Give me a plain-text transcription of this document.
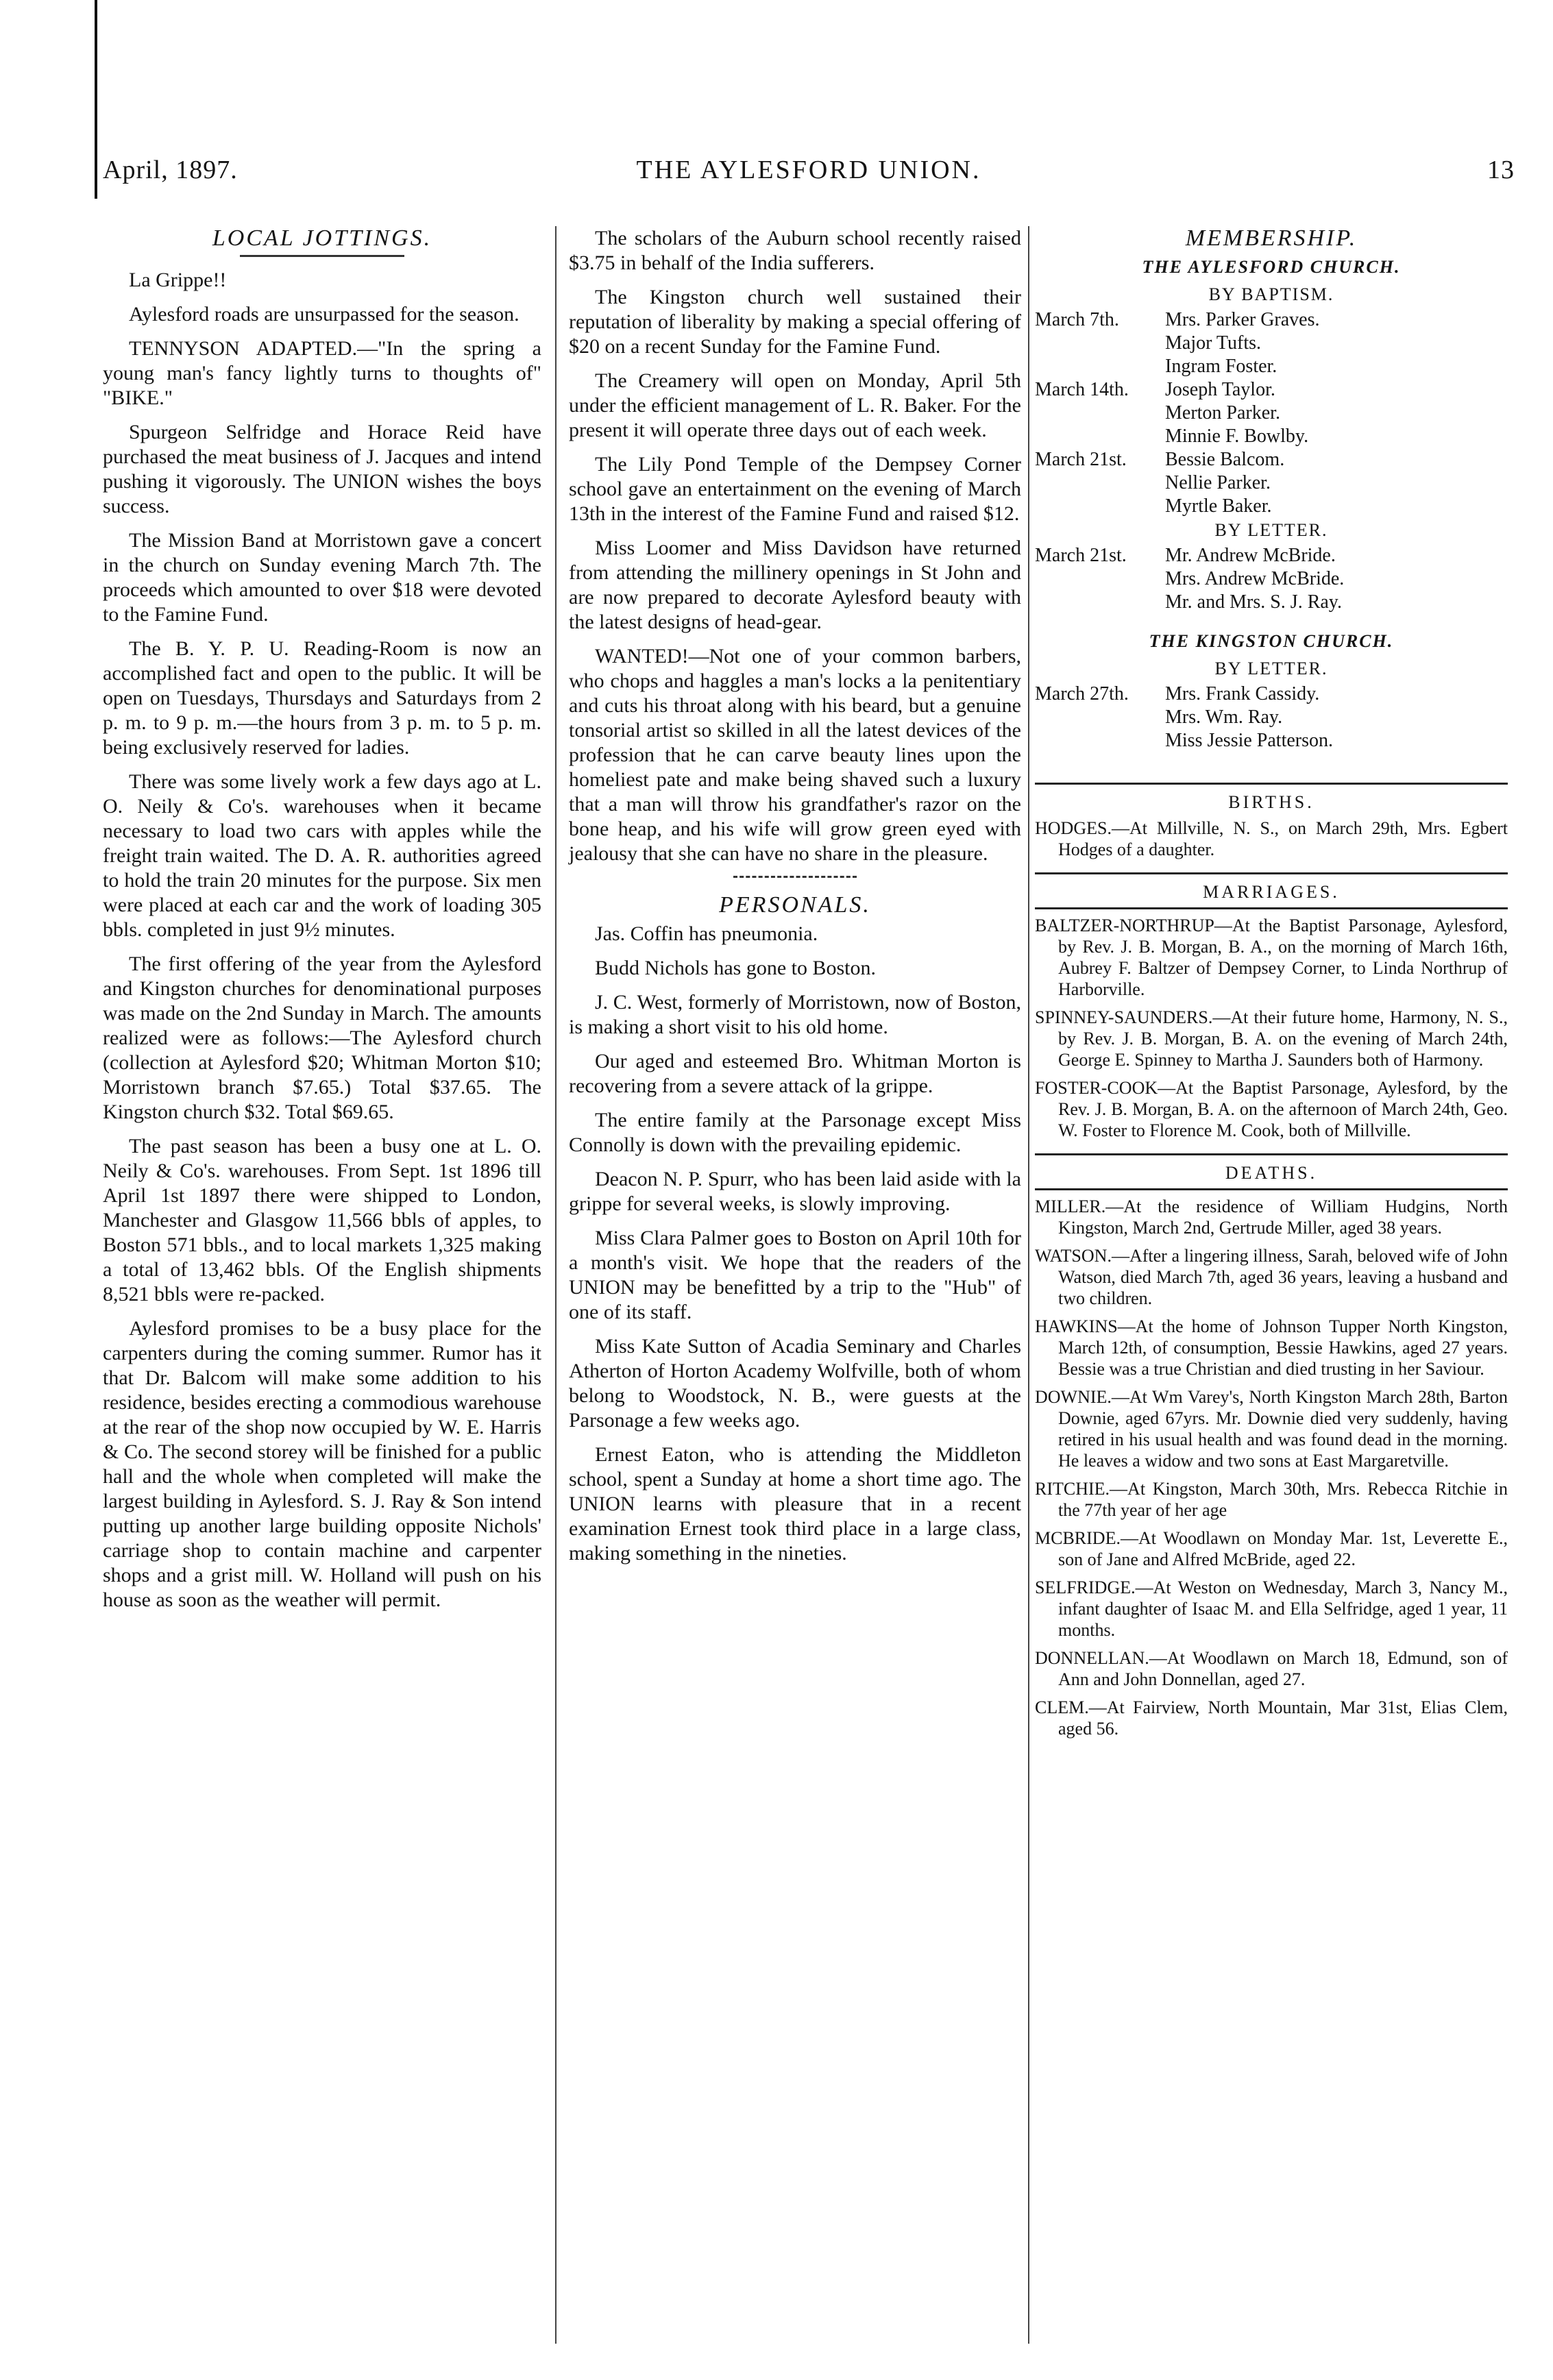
April, 1897.	THE AYLESFORD UNION.	13
LOCAL JOTTINGS.

La Grippe!!

Aylesford roads are unsurpassed for the season.

TENNYSON ADAPTED.—"In the spring a young man's fancy lightly turns to thoughts of" "BIKE."

Spurgeon Selfridge and Horace Reid have purchased the meat business of J. Jacques and intend pushing it vigorously. The UNION wishes the boys success.

The Mission Band at Morristown gave a concert in the church on Sunday evening March 7th. The proceeds which amounted to over $18 were devoted to the Famine Fund.

The B. Y. P. U. Reading-Room is now an accomplished fact and open to the public. It will be open on Tuesdays, Thursdays and Saturdays from 2 p. m. to 9 p. m.—the hours from 3 p. m. to 5 p. m. being exclusively reserved for ladies.

There was some lively work a few days ago at L. O. Neily & Co's. warehouses when it became necessary to load two cars with apples while the freight train waited. The D. A. R. authorities agreed to hold the train 20 minutes for the purpose. Six men were placed at each car and the work of loading 305 bbls. completed in just 9½ minutes.

The first offering of the year from the Aylesford and Kingston churches for denominational purposes was made on the 2nd Sunday in March. The amounts realized were as follows:—The Aylesford church (collection at Aylesford $20; Whitman Morton $10; Morristown branch $7.65.) Total $37.65. The Kingston church $32. Total $69.65.

The past season has been a busy one at L. O. Neily & Co's. warehouses. From Sept. 1st 1896 till April 1st 1897 there were shipped to London, Manchester and Glasgow 11,566 bbls of apples, to Boston 571 bbls., and to local markets 1,325 making a total of 13,462 bbls. Of the English shipments 8,521 bbls were re-packed.

Aylesford promises to be a busy place for the carpenters during the coming summer. Rumor has it that Dr. Balcom will make some addition to his residence, besides erecting a commodious warehouse at the rear of the shop now occupied by W. E. Harris & Co. The second storey will be finished for a public hall and the whole when completed will make the largest building in Aylesford. S. J. Ray & Son intend putting up another large building opposite Nichols' carriage shop to contain machine and carpenter shops and a grist mill. W. Holland will push on his house as soon as the weather will permit.

The scholars of the Auburn school recently raised $3.75 in behalf of the India sufferers.

The Kingston church well sustained their reputation of liberality by making a special offering of $20 on a recent Sunday for the Famine Fund.

The Creamery will open on Monday, April 5th under the efficient management of L. R. Baker. For the present it will operate three days out of each week.

The Lily Pond Temple of the Dempsey Corner school gave an entertainment on the evening of March 13th in the interest of the Famine Fund and raised $12.

Miss Loomer and Miss Davidson have returned from attending the millinery openings in St John and are now prepared to decorate Aylesford beauty with the latest designs of head-gear.

WANTED!—Not one of your common barbers, who chops and haggles a man's locks a la penitentiary and cuts his throat along with his beard, but a genuine tonsorial artist so skilled in all the latest devices of the profession that he can carve beauty lines upon the homeliest pate and make being shaved such a luxury that a man will throw his grandfather's razor on the bone heap, and his wife will grow green eyed with jealousy that she can have no share in the pleasure.

PERSONALS.

Jas. Coffin has pneumonia.

Budd Nichols has gone to Boston.

J. C. West, formerly of Morristown, now of Boston, is making a short visit to his old home.

Our aged and esteemed Bro. Whitman Morton is recovering from a severe attack of la grippe.

The entire family at the Parsonage except Miss Connolly is down with the prevailing epidemic.

Deacon N. P. Spurr, who has been laid aside with la grippe for several weeks, is slowly improving.

Miss Clara Palmer goes to Boston on April 10th for a month's visit. We hope that the readers of the UNION may be benefitted by a trip to the "Hub" of one of its staff.

Miss Kate Sutton of Acadia Seminary and Charles Atherton of Horton Academy Wolfville, both of whom belong to Woodstock, N. B., were guests at the Parsonage a few weeks ago.

Ernest Eaton, who is attending the Middleton school, spent a Sunday at home a short time ago. The UNION learns with pleasure that in a recent examination Ernest took third place in a large class, making something in the nineties.

MEMBERSHIP.
THE AYLESFORD CHURCH.
BY BAPTISM.
March 7th.	Mrs. Parker Graves.
Major Tufts.
Ingram Foster.
March 14th.	Joseph Taylor.
Merton Parker.
Minnie F. Bowlby.
March 21st.	Bessie Balcom.
Nellie Parker.
Myrtle Baker.
BY LETTER.
March 21st.	Mr. Andrew McBride.
Mrs. Andrew McBride.
Mr. and Mrs. S. J. Ray.
THE KINGSTON CHURCH.
BY LETTER.
March 27th.	Mrs. Frank Cassidy.
Mrs. Wm. Ray.
Miss Jessie Patterson.
BIRTHS.
HODGES.—At Millville, N. S., on March 29th, Mrs. Egbert Hodges of a daughter.
MARRIAGES.
BALTZER-NORTHRUP—At the Baptist Parsonage, Aylesford, by Rev. J. B. Morgan, B. A., on the morning of March 16th, Aubrey F. Baltzer of Dempsey Corner, to Linda Northrup of Harborville.
SPINNEY-SAUNDERS.—At their future home, Harmony, N. S., by Rev. J. B. Morgan, B. A. on the evening of March 24th, George E. Spinney to Martha J. Saunders both of Harmony.
FOSTER-COOK—At the Baptist Parsonage, Aylesford, by the Rev. J. B. Morgan, B. A. on the afternoon of March 24th, Geo. W. Foster to Florence M. Cook, both of Millville.
DEATHS.
MILLER.—At the residence of William Hudgins, North Kingston, March 2nd, Gertrude Miller, aged 38 years.
WATSON.—After a lingering illness, Sarah, beloved wife of John Watson, died March 7th, aged 36 years, leaving a husband and two children.
HAWKINS—At the home of Johnson Tupper North Kingston, March 12th, of consumption, Bessie Hawkins, aged 27 years. Bessie was a true Christian and died trusting in her Saviour.
DOWNIE.—At Wm Varey's, North Kingston March 28th, Barton Downie, aged 67yrs. Mr. Downie died very suddenly, having retired in his usual health and was found dead in the morning. He leaves a widow and two sons at East Margaretville.
RITCHIE.—At Kingston, March 30th, Mrs. Rebecca Ritchie in the 77th year of her age
MCBRIDE.—At Woodlawn on Monday Mar. 1st, Leverette E., son of Jane and Alfred McBride, aged 22.
SELFRIDGE.—At Weston on Wednesday, March 3, Nancy M., infant daughter of Isaac M. and Ella Selfridge, aged 1 year, 11 months.
DONNELLAN.—At Woodlawn on March 18, Edmund, son of Ann and John Donnellan, aged 27.
CLEM.—At Fairview, North Mountain, Mar 31st, Elias Clem, aged 56.
